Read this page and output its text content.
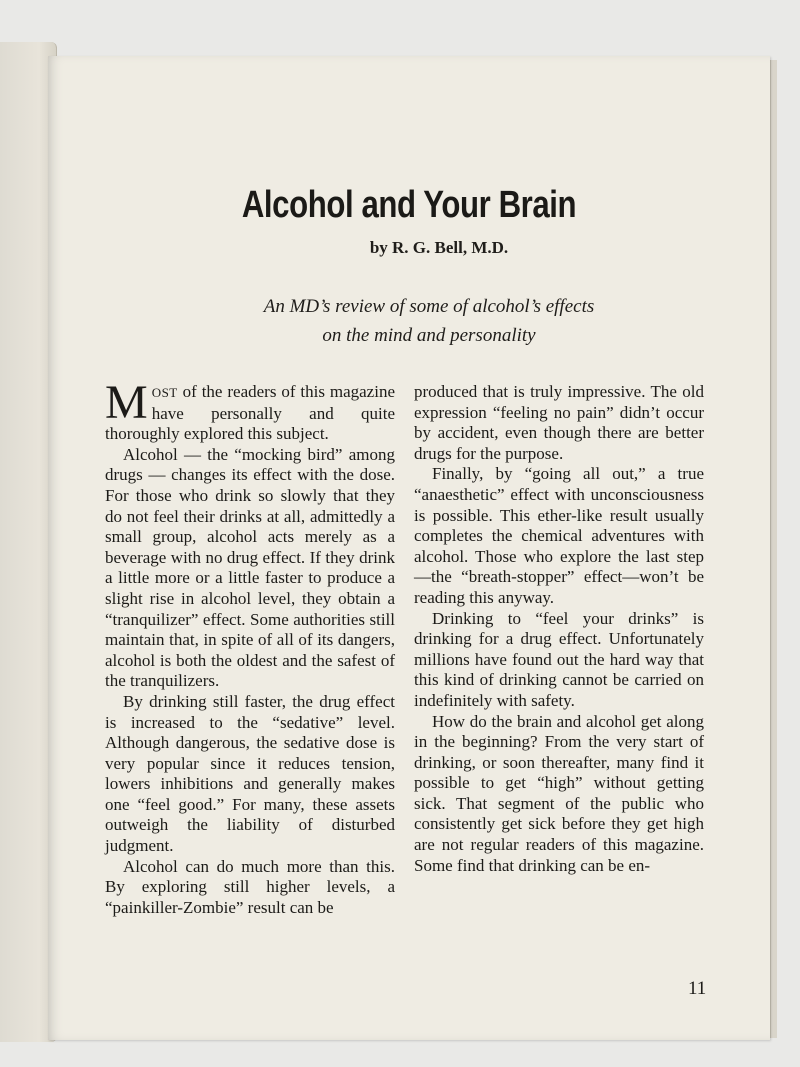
Alcohol and Your Brain
by R. G. Bell, M.D.
An MD’s review of some of alcohol’s effects
on the mind and personality

MOST of the readers of this magazine have personally and quite thoroughly explored this subject.

Alcohol — the “mocking bird” among drugs — changes its effect with the dose. For those who drink so slowly that they do not feel their drinks at all, admittedly a small group, alcohol acts merely as a beverage with no drug effect. If they drink a little more or a little faster to produce a slight rise in alcohol level, they obtain a “tranquilizer” effect. Some authorities still maintain that, in spite of all of its dangers, alcohol is both the oldest and the safest of the tranquilizers.

By drinking still faster, the drug effect is increased to the “sedative” level. Although dangerous, the sedative dose is very popular since it reduces tension, lowers inhibitions and generally makes one “feel good.” For many, these assets outweigh the liability of disturbed judgment.

Alcohol can do much more than this. By exploring still higher levels, a “painkiller-Zombie” result can be

produced that is truly impressive. The old expression “feeling no pain” didn’t occur by accident, even though there are better drugs for the purpose.

Finally, by “going all out,” a true “anaesthetic” effect with unconsciousness is possible. This ether-like result usually completes the chemical adventures with alcohol. Those who explore the last step—the “breath-stopper” effect—won’t be reading this anyway.

Drinking to “feel your drinks” is drinking for a drug effect. Unfortunately millions have found out the hard way that this kind of drinking cannot be carried on indefinitely with safety.

How do the brain and alcohol get along in the beginning? From the very start of drinking, or soon thereafter, many find it possible to get “high” without getting sick. That segment of the public who consistently get sick before they get high are not regular readers of this magazine. Some find that drinking can be en-

11
